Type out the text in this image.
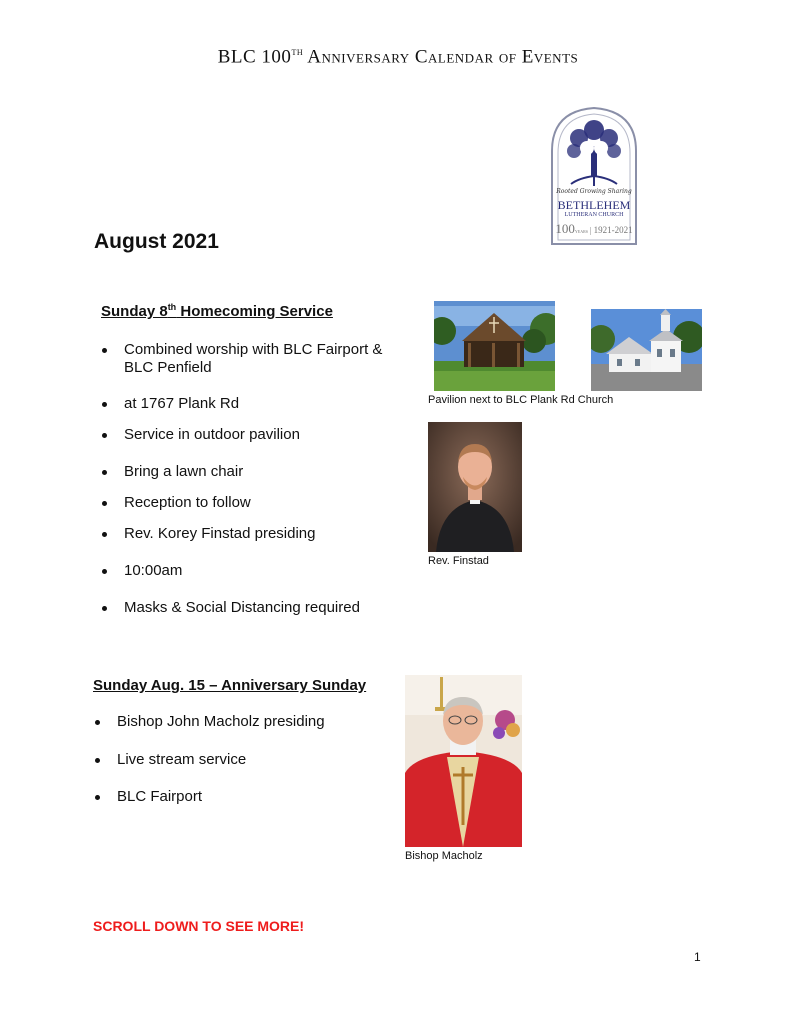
BLC 100th Anniversary Calendar of Events
Rooted Growing Sharing
BETHLEHEM
LUTHERAN CHURCH
100YEARS | 1921-2021
August 2021
Sunday 8th Homecoming Service
Combined worship with BLC Fairport &
BLC Penfield
at 1767 Plank Rd
Service in outdoor pavilion
Bring a lawn chair
Reception to follow
Rev. Korey Finstad presiding
10:00am
Masks & Social Distancing required
Pavilion next to BLC Plank Rd Church
Rev. Finstad
Sunday Aug. 15 – Anniversary Sunday
Bishop John Macholz presiding
Live stream service
BLC Fairport
Bishop Macholz
SCROLL DOWN TO SEE MORE!
1
